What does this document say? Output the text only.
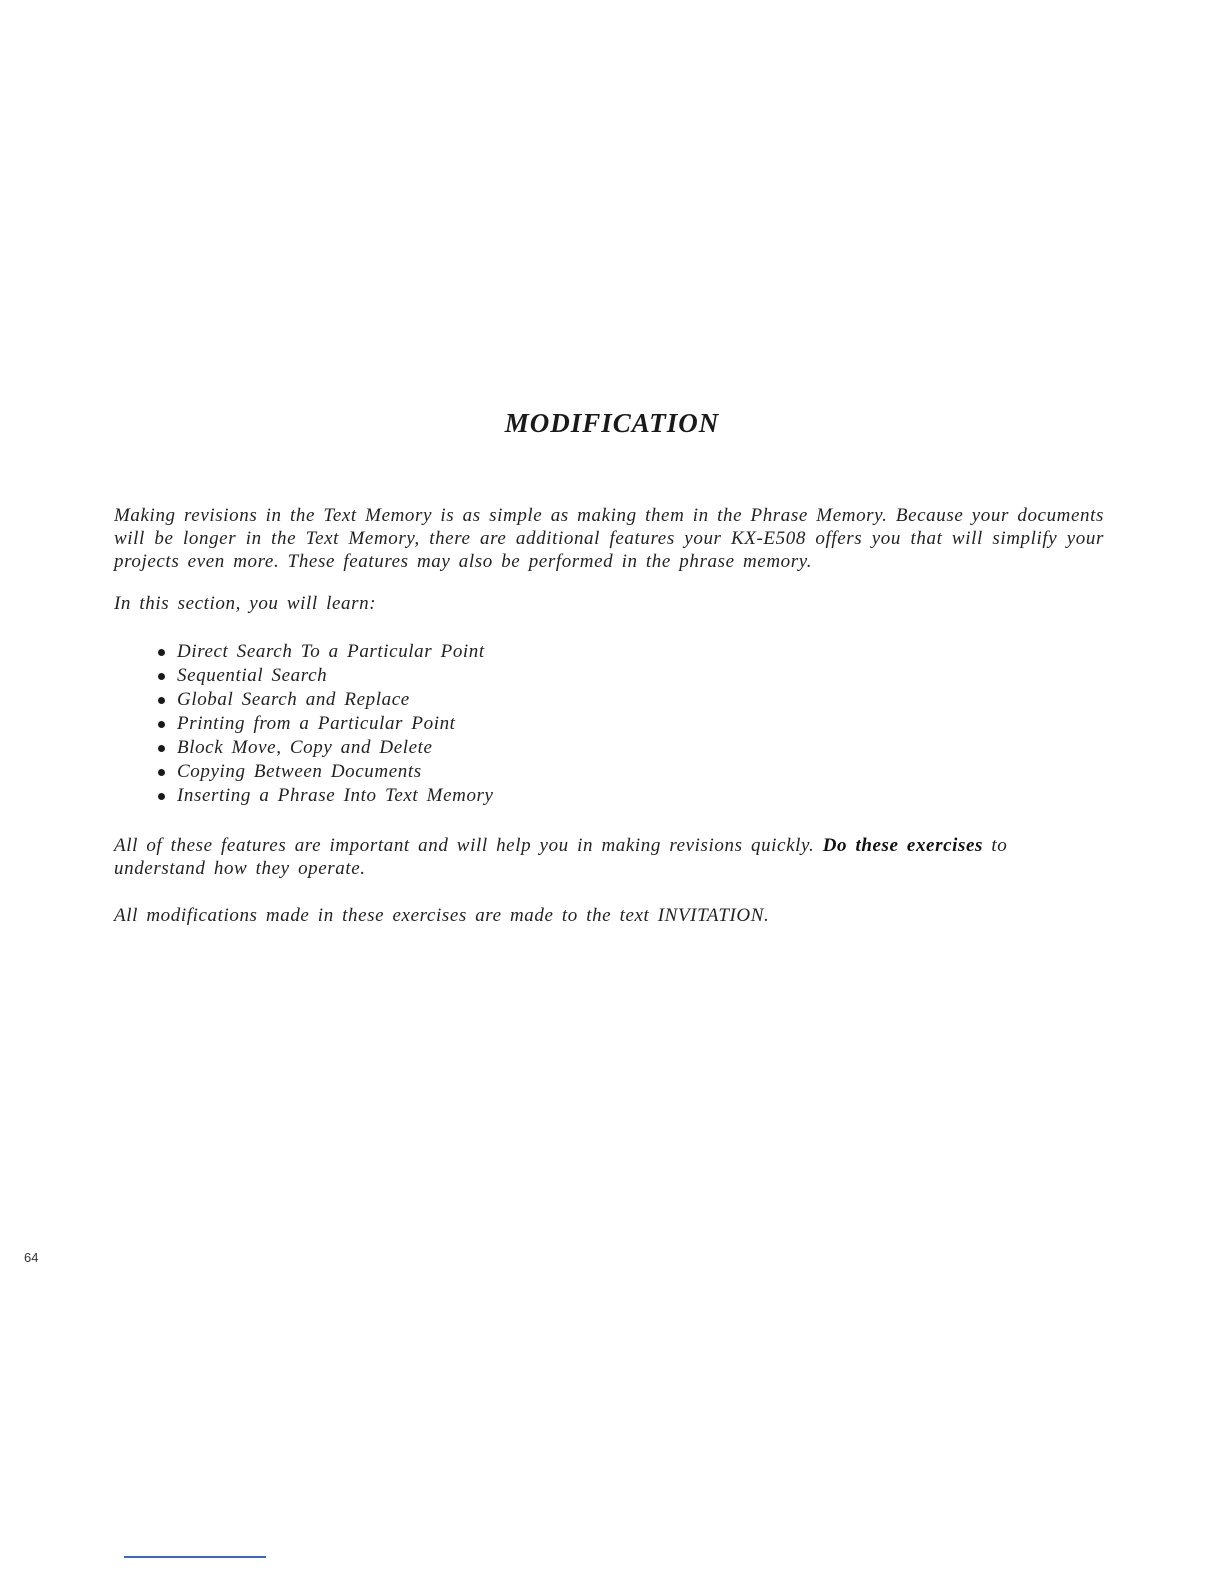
MODIFICATION

Making revisions in the Text Memory is as simple as making them in the Phrase Memory. Because your documents will be longer in the Text Memory, there are additional features your KX-E508 offers you that will simplify your projects even more. These features may also be performed in the phrase memory.

In this section, you will learn:

Direct Search To a Particular Point
Sequential Search
Global Search and Replace
Printing from a Particular Point
Block Move, Copy and Delete
Copying Between Documents
Inserting a Phrase Into Text Memory

All of these features are important and will help you in making revisions quickly. Do these exercises to understand how they operate.

All modifications made in these exercises are made to the text INVITATION.

64
